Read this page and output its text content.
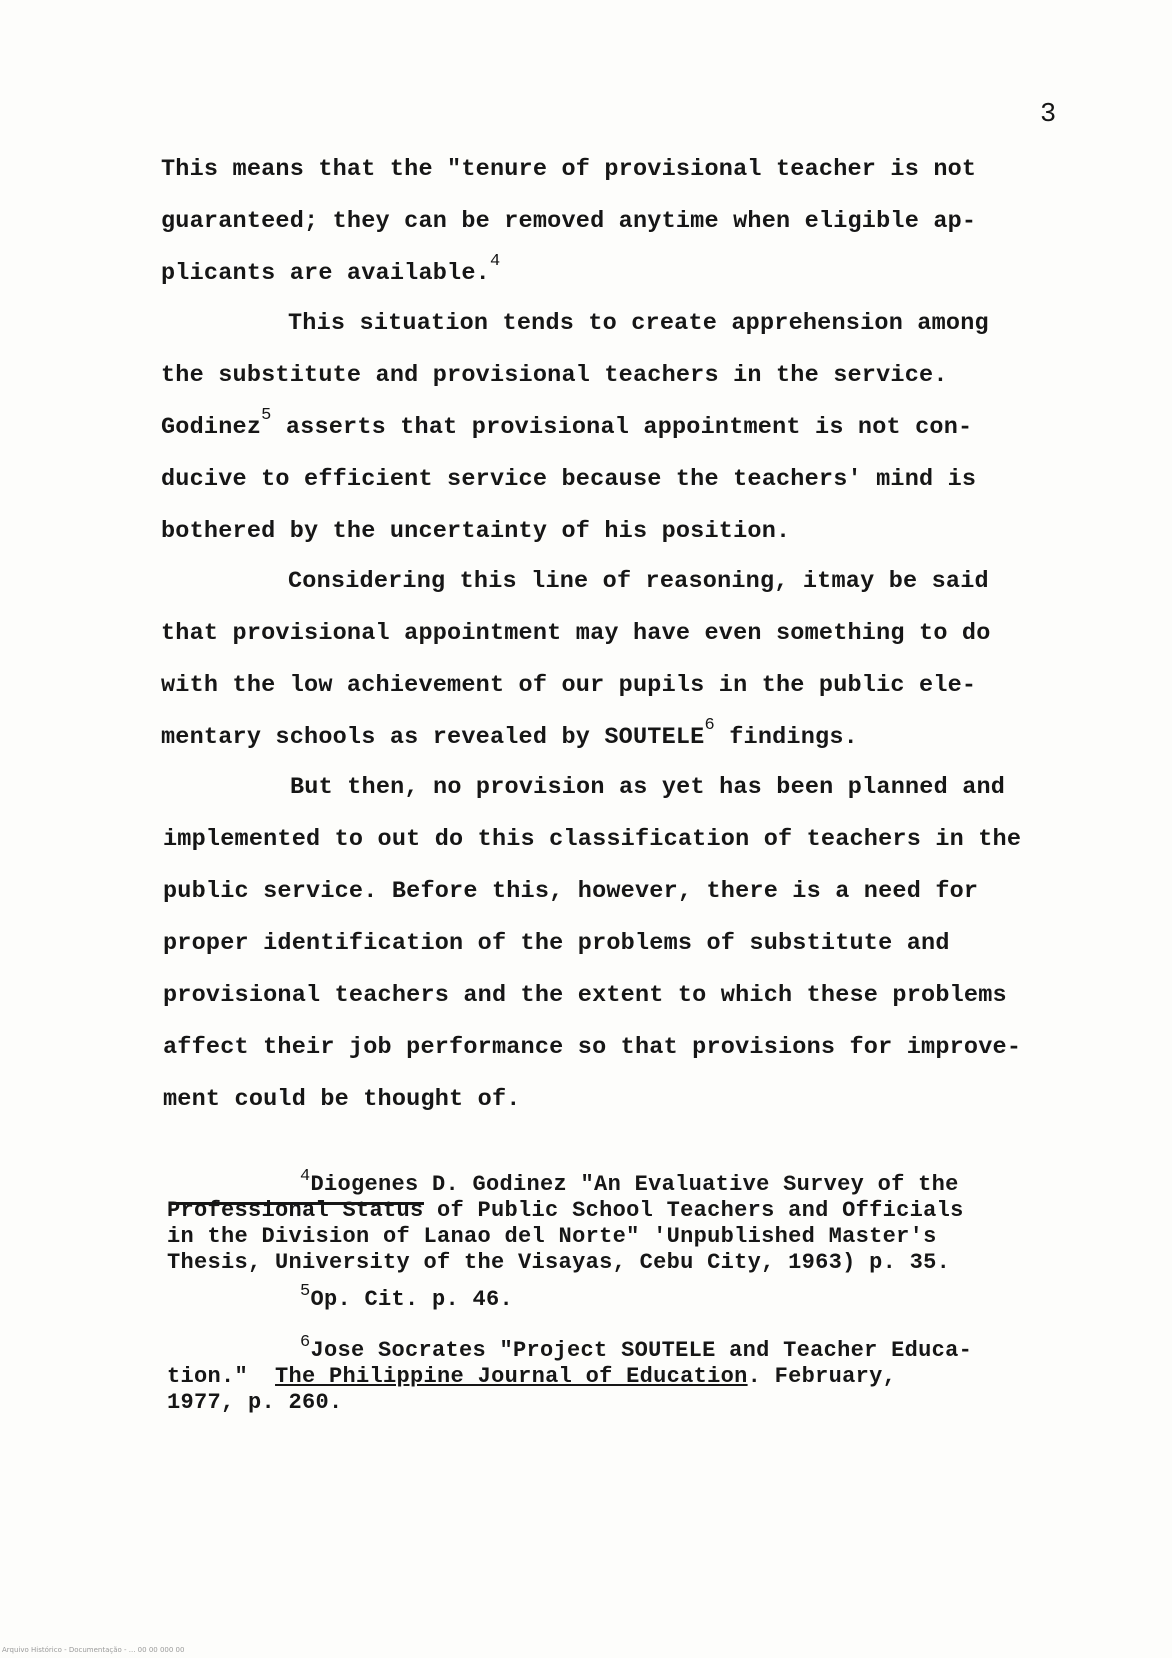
3
This means that the "tenure of provisional teacher is not
guaranteed; they can be removed anytime when eligible ap-
plicants are available.$^4$
This situation tends to create apprehension among
the substitute and provisional teachers in the service.
Godinez$^5$ asserts that provisional appointment is not con-
ducive to efficient service because the teachers' mind is
bothered by the uncertainty of his position.
Considering this line of reasoning, itmay be said
that provisional appointment may have even something to do
with the low achievement of our pupils in the public ele-
mentary schools as revealed by SOUTELE$^6$ findings.
But then, no provision as yet has been planned and
implemented to out do this classification of teachers in the
public service. Before this, however, there is a need for
proper identification of the problems of substitute and
provisional teachers and the extent to which these problems
affect their job performance so that provisions for improve-
ment could be thought of.
$^4$Diogenes D. Godinez "An Evaluative Survey of the
Professional Status of Public School Teachers and Officials
in the Division of Lanao del Norte" 'Unpublished Master's
Thesis, University of the Visayas, Cebu City, 1963) p. 35.
$^5$Op. Cit. p. 46.
$^6$Jose Socrates "Project SOUTELE and Teacher Educa-
tion."  The Philippine Journal of Education. February,
1977, p. 260.
Arquivo Histórico - Documentação - ... 00 00 000 00
